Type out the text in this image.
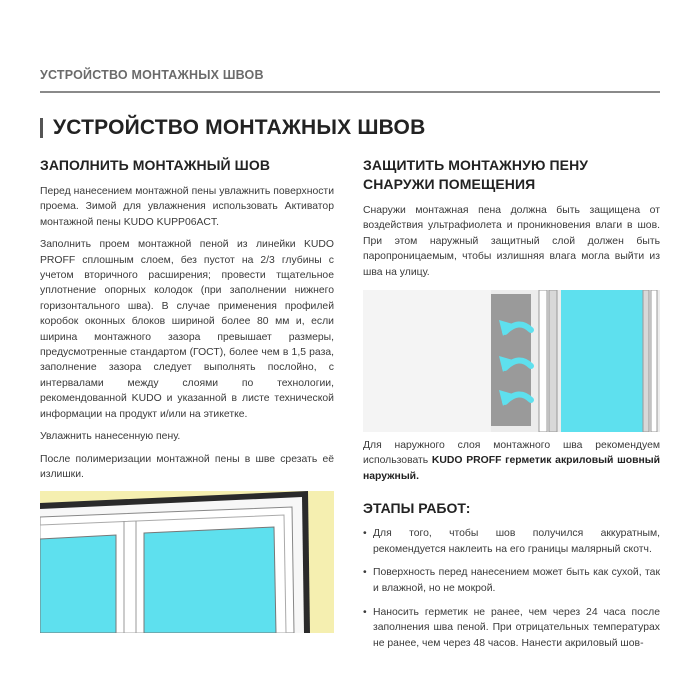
УСТРОЙСТВО МОНТАЖНЫХ ШВОВ
УСТРОЙСТВО МОНТАЖНЫХ ШВОВ
ЗАПОЛНИТЬ МОНТАЖНЫЙ ШОВ

Перед нанесением монтажной пены увлажнить поверхности проема. Зимой для увлажнения использовать Активатор монтажной пены KUDO KUPP06ACT.

Заполнить проем монтажной пеной из линейки KUDO PROFF сплошным слоем, без пустот на 2/3 глубины с учетом вторичного расширения; провести тщательное уплотнение опорных колодок (при заполнении нижнего горизонтального шва). В случае применения профилей коробок оконных блоков шириной более 80 мм и, если ширина монтажного зазора превышает размеры, предусмотренные стандартом (ГОСТ), более чем в 1,5 раза, заполнение зазора следует выполнять послойно, с интервалами между слоями по технологии, рекомендованной KUDO и указанной в листе технической информации на продукт и/или на этикетке.

Увлажнить нанесенную пену.

После полимеризации монтажной пены в шве срезать её излишки.

ЗАЩИТИТЬ МОНТАЖНУЮ ПЕНУ
СНАРУЖИ ПОМЕЩЕНИЯ

Снаружи монтажная пена должна быть защищена от воздействия ультрафиолета и проникновения влаги в шов. При этом наружный защитный слой должен быть паропроницаемым, чтобы излишняя влага могла выйти из шва на улицу.

Для наружного слоя монтажного шва рекомендуем использовать KUDO PROFF герметик акриловый шовный наружный.

ЭТАПЫ РАБОТ:
• Для того, чтобы шов получился аккуратным, рекомендуется наклеить на его границы малярный скотч.
• Поверхность перед нанесением может быть как сухой, так и влажной, но не мокрой.
• Наносить герметик не ранее, чем через 24 часа после заполнения шва пеной. При отрицательных температурах не ранее, чем через 48 часов. Нанести акриловый шов-
